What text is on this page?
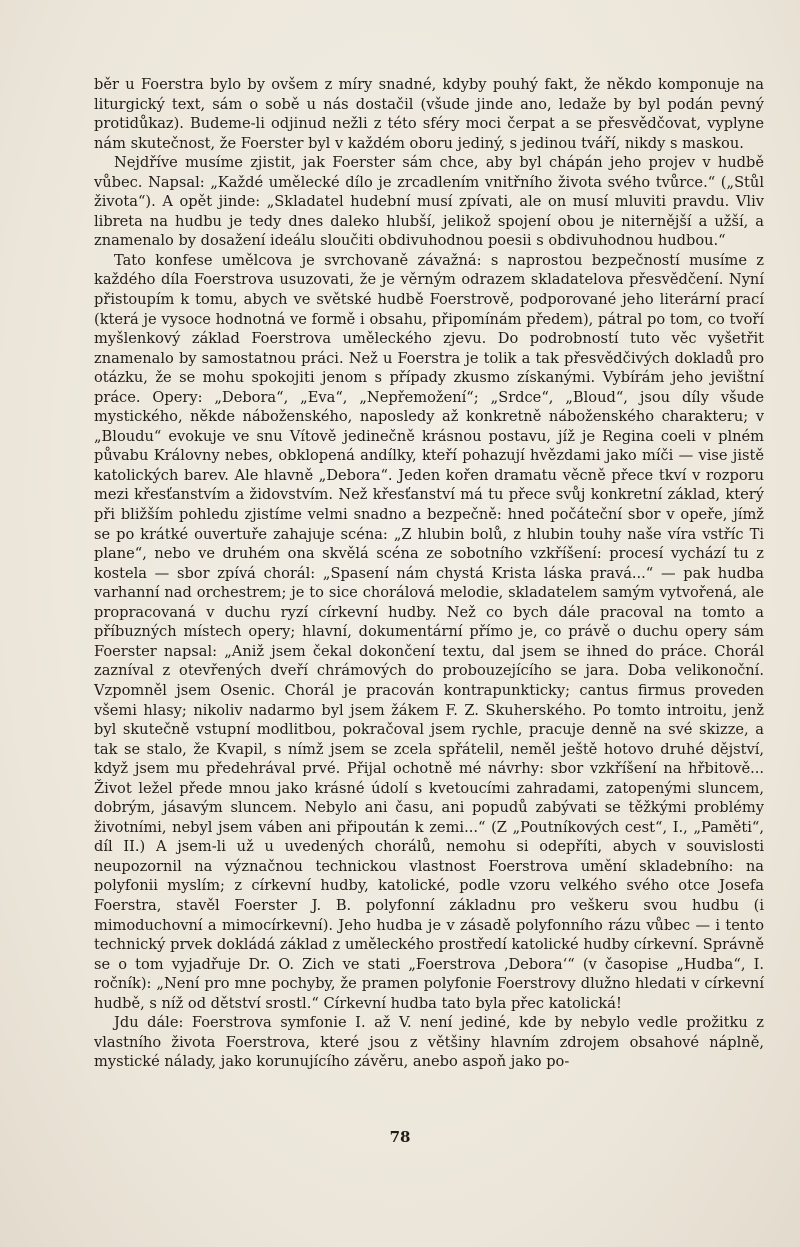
běr u Foerstra bylo by ovšem z míry snadné, kdyby pouhý fakt, že někdo komponuje na liturgický text, sám o sobě u nás dostačil (všude jinde ano, ledaže by byl podán pevný protidůkaz). Budeme-li odjinud nežli z této sféry moci čerpat a se přesvědčovat, vyplyne nám skutečnost, že Foerster byl v každém oboru jediný, s jedinou tváří, nikdy s maskou.

Nejdříve musíme zjistit, jak Foerster sám chce, aby byl chápán jeho projev v hudbě vůbec. Napsal: „Každé umělecké dílo je zrcadlením vnitřního života svého tvůrce.“ („Stůl života“). A opět jinde: „Skladatel hudební musí zpívati, ale on musí mluviti pravdu. Vliv libreta na hudbu je tedy dnes daleko hlubší, jelikož spojení obou je niternější a užší, a znamenalo by dosažení ideálu sloučiti obdivuhodnou poesii s obdivuhodnou hudbou.“

Tato konfese umělcova je svrchovaně závažná: s naprostou bezpečností musíme z každého díla Foerstrova usuzovati, že je věrným odrazem skladatelova přesvědčení. Nyní přistoupím k tomu, abych ve světské hudbě Foerstrově, podporované jeho literární prací (která je vysoce hodnotná ve formě i obsahu, připomínám předem), pátral po tom, co tvoří myšlenkový základ Foerstrova uměleckého zjevu. Do podrobností tuto věc vyšetřit znamenalo by samostatnou práci. Než u Foerstra je tolik a tak přesvědčivých dokladů pro otázku, že se mohu spokojiti jenom s případy zkusmo získanými. Vybírám jeho jevištní práce. Opery: „Debora“, „Eva“, „Nepřemožení“; „Srdce“, „Bloud“, jsou díly všude mystického, někde náboženského, naposledy až konkretně náboženského charakteru; v „Bloudu“ evokuje ve snu Vítově jedinečně krásnou postavu, jíž je Regina coeli v plném půvabu Královny nebes, obklopená andílky, kteří pohazují hvězdami jako míči — vise jistě katolických barev. Ale hlavně „Debora“. Jeden kořen dramatu věcně přece tkví v rozporu mezi křesťanstvím a židovstvím. Než křesťanství má tu přece svůj konkretní základ, který při bližším pohledu zjistíme velmi snadno a bezpečně: hned počáteční sbor v opeře, jímž se po krátké ouvertuře zahajuje scéna: „Z hlubin bolů, z hlubin touhy naše víra vstříc Ti plane“, nebo ve druhém ona skvělá scéna ze sobotního vzkříšení: procesí vychází tu z kostela — sbor zpívá chorál: „Spasení nám chystá Krista láska pravá...“ — pak hudba varhanní nad orchestrem; je to sice chorálová melodie, skladatelem samým vytvořená, ale propracovaná v duchu ryzí církevní hudby. Než co bych dále pracoval na tomto a příbuzných místech opery; hlavní, dokumentární přímo je, co právě o duchu opery sám Foerster napsal: „Aniž jsem čekal dokončení textu, dal jsem se ihned do práce. Chorál zazníval z otevřených dveří chrámových do probouzejícího se jara. Doba velikonoční. Vzpomněl jsem Osenic. Chorál je pracován kontrapunkticky; cantus firmus proveden všemi hlasy; nikoliv nadarmo byl jsem žákem F. Z. Skuherského. Po tomto introitu, jenž byl skutečně vstupní modlitbou, pokračoval jsem rychle, pracuje denně na své skizze, a tak se stalo, že Kvapil, s nímž jsem se zcela spřátelil, neměl ještě hotovo druhé dějství, když jsem mu předehrával prvé. Přijal ochotně mé návrhy: sbor vzkříšení na hřbitově... Život ležel přede mnou jako krásné údolí s kvetoucími zahradami, zatopenými sluncem, dobrým, jásavým sluncem. Nebylo ani času, ani popudů zabývati se těžkými problémy životními, nebyl jsem váben ani připoután k zemi...“ (Z „Poutníkových cest“, I., „Paměti“, díl II.) A jsem-li už u uvedených chorálů, nemohu si odepříti, abych v souvislosti neupozornil na význačnou technickou vlastnost Foerstrova umění skladebního: na polyfonii myslím; z církevní hudby, katolické, podle vzoru velkého svého otce Josefa Foerstra, stavěl Foerster J. B. polyfonní základnu pro veškeru svou hudbu (i mimoduchovní a mimocírkevní). Jeho hudba je v zásadě polyfonního rázu vůbec — i tento technický prvek dokládá základ z uměleckého prostředí katolické hudby církevní. Správně se o tom vyjadřuje Dr. O. Zich ve stati „Foerstrova ‚Debora‘“ (v časopise „Hudba“, I. ročník): „Není pro mne pochyby, že pramen polyfonie Foerstrovy dlužno hledati v církevní hudbě, s níž od dětství srostl.“ Církevní hudba tato byla přec katolická!

Jdu dále: Foerstrova symfonie I. až V. není jediné, kde by nebylo vedle prožitku z vlastního života Foerstrova, které jsou z většiny hlavním zdrojem obsahové náplně, mystické nálady, jako korunujícího závěru, anebo aspoň jako po-

78
